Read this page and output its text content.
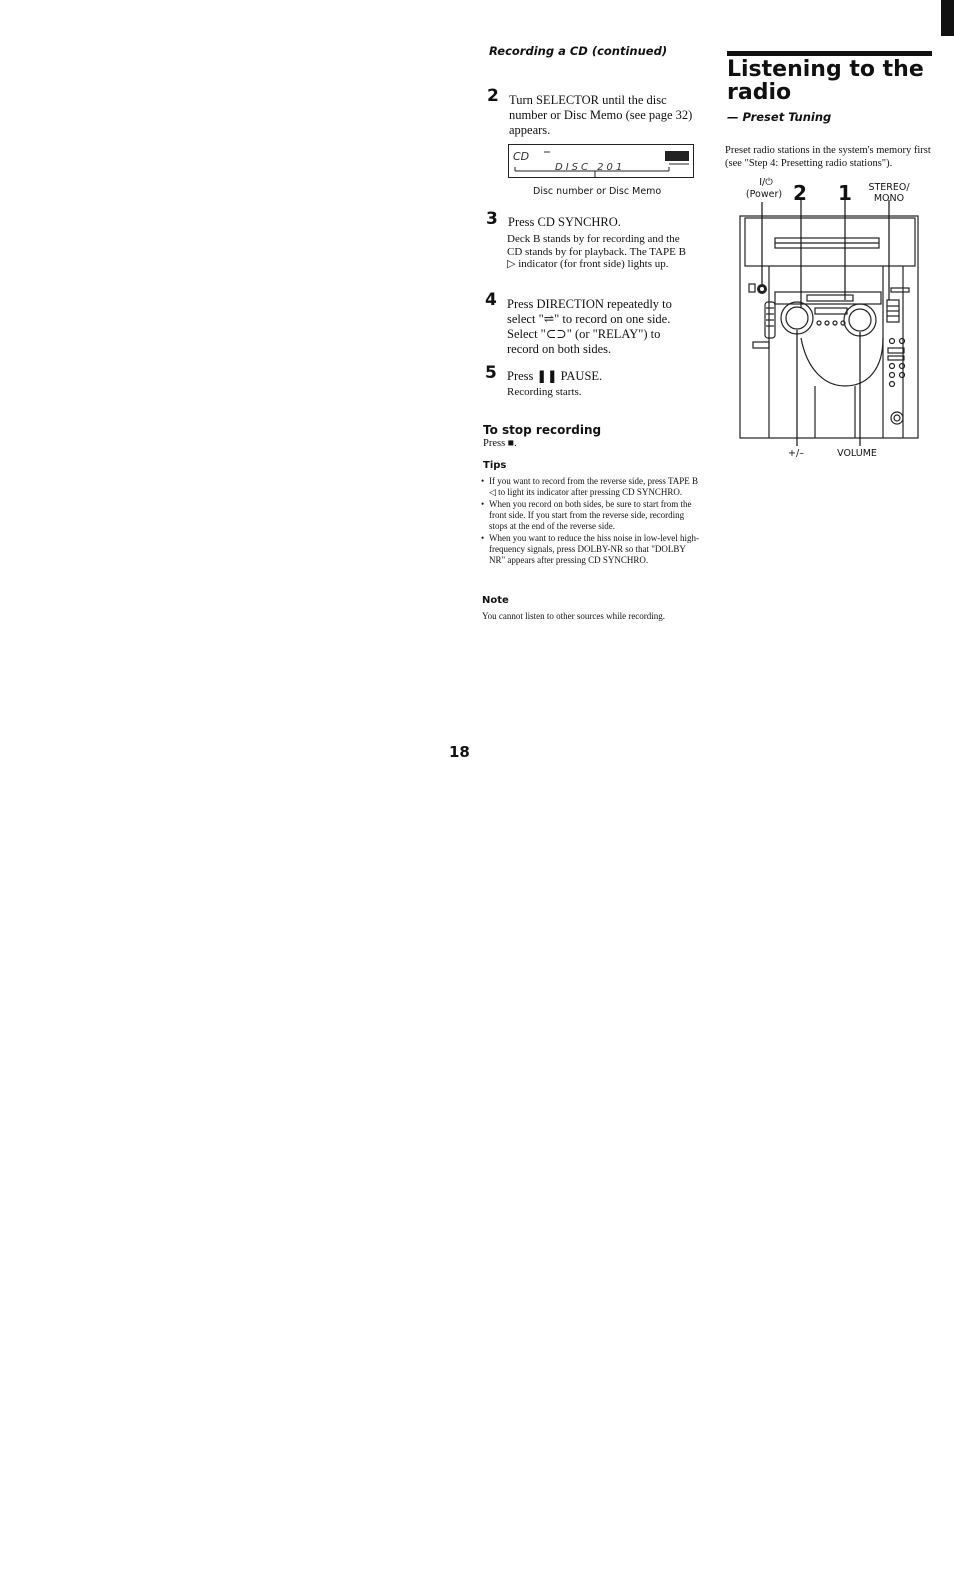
Recording a CD (continued)
2 Turn SELECTOR until the disc number or Disc Memo (see page 32) appears.
CD
DISC 201
Disc number or Disc Memo
3 Press CD SYNCHRO.
Deck B stands by for recording and the CD stands by for playback. The TAPE B ▷ indicator (for front side) lights up.
4 Press DIRECTION repeatedly to select "⇌" to record on one side. Select "⊂⊃" (or "RELAY") to record on both sides.
5 Press ❚❚ PAUSE.
Recording starts.
To stop recording
Press ■.
Tips
• If you want to record from the reverse side, press TAPE B ◁ to light its indicator after pressing CD SYNCHRO.
• When you record on both sides, be sure to start from the front side. If you start from the reverse side, recording stops at the end of the reverse side.
• When you want to reduce the hiss noise in low-level high-frequency signals, press DOLBY-NR so that "DOLBY NR" appears after pressing CD SYNCHRO.
Note
You cannot listen to other sources while recording.
Listening to the radio
— Preset Tuning
Preset radio stations in the system's memory first (see "Step 4: Presetting radio stations").
I/⏻
(Power) 2 1	STEREO/ MONO
+/–	VOLUME
18
